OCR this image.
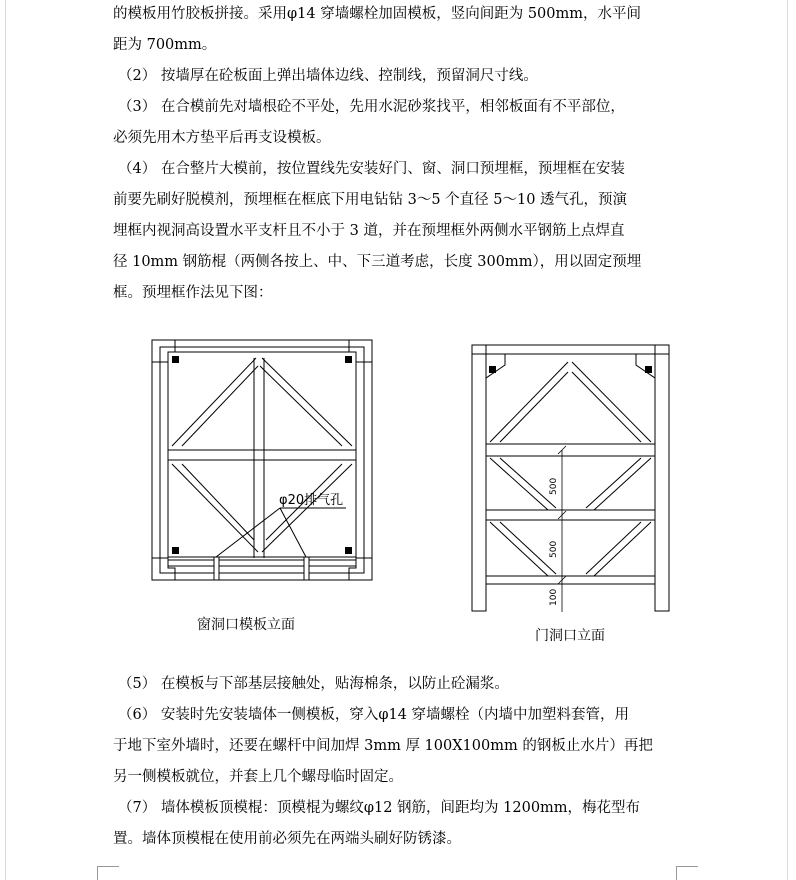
的模板用竹胶板拼接。采用φ14 穿墙螺栓加固模板，竖向间距为 500mm，水平间
距为 700mm。
（2） 按墙厚在砼板面上弹出墙体边线、控制线，预留洞尺寸线。
（3） 在合模前先对墙根砼不平处，先用水泥砂浆找平，相邻板面有不平部位，
必须先用木方垫平后再支设模板。
（4） 在合整片大模前，按位置线先安装好门、窗、洞口预埋框，预埋框在安装
前要先刷好脱模剂，预埋框在框底下用电钻钻 3～5 个直径 5～10 透气孔，预演
埋框内视洞高设置水平支杆且不小于 3 道，并在预埋框外两侧水平钢筋上点焊直
径 10mm 钢筋棍（两侧各按上、中、下三道考虑，长度 300mm），用以固定预埋
框。预埋框作法见下图：
φ20排气孔
500
500
100
窗洞口模板立面
门洞口立面
（5） 在模板与下部基层接触处，贴海棉条，以防止砼漏浆。
（6） 安装时先安装墙体一侧模板，穿入φ14 穿墙螺栓（内墙中加塑料套管，用
于地下室外墙时，还要在螺杆中间加焊 3mm 厚 100X100mm 的钢板止水片）再把
另一侧模板就位，并套上几个螺母临时固定。
（7） 墙体模板顶模棍：顶模棍为螺纹φ12 钢筋，间距均为 1200mm，梅花型布
置。墙体顶模棍在使用前必须先在两端头刷好防锈漆。
